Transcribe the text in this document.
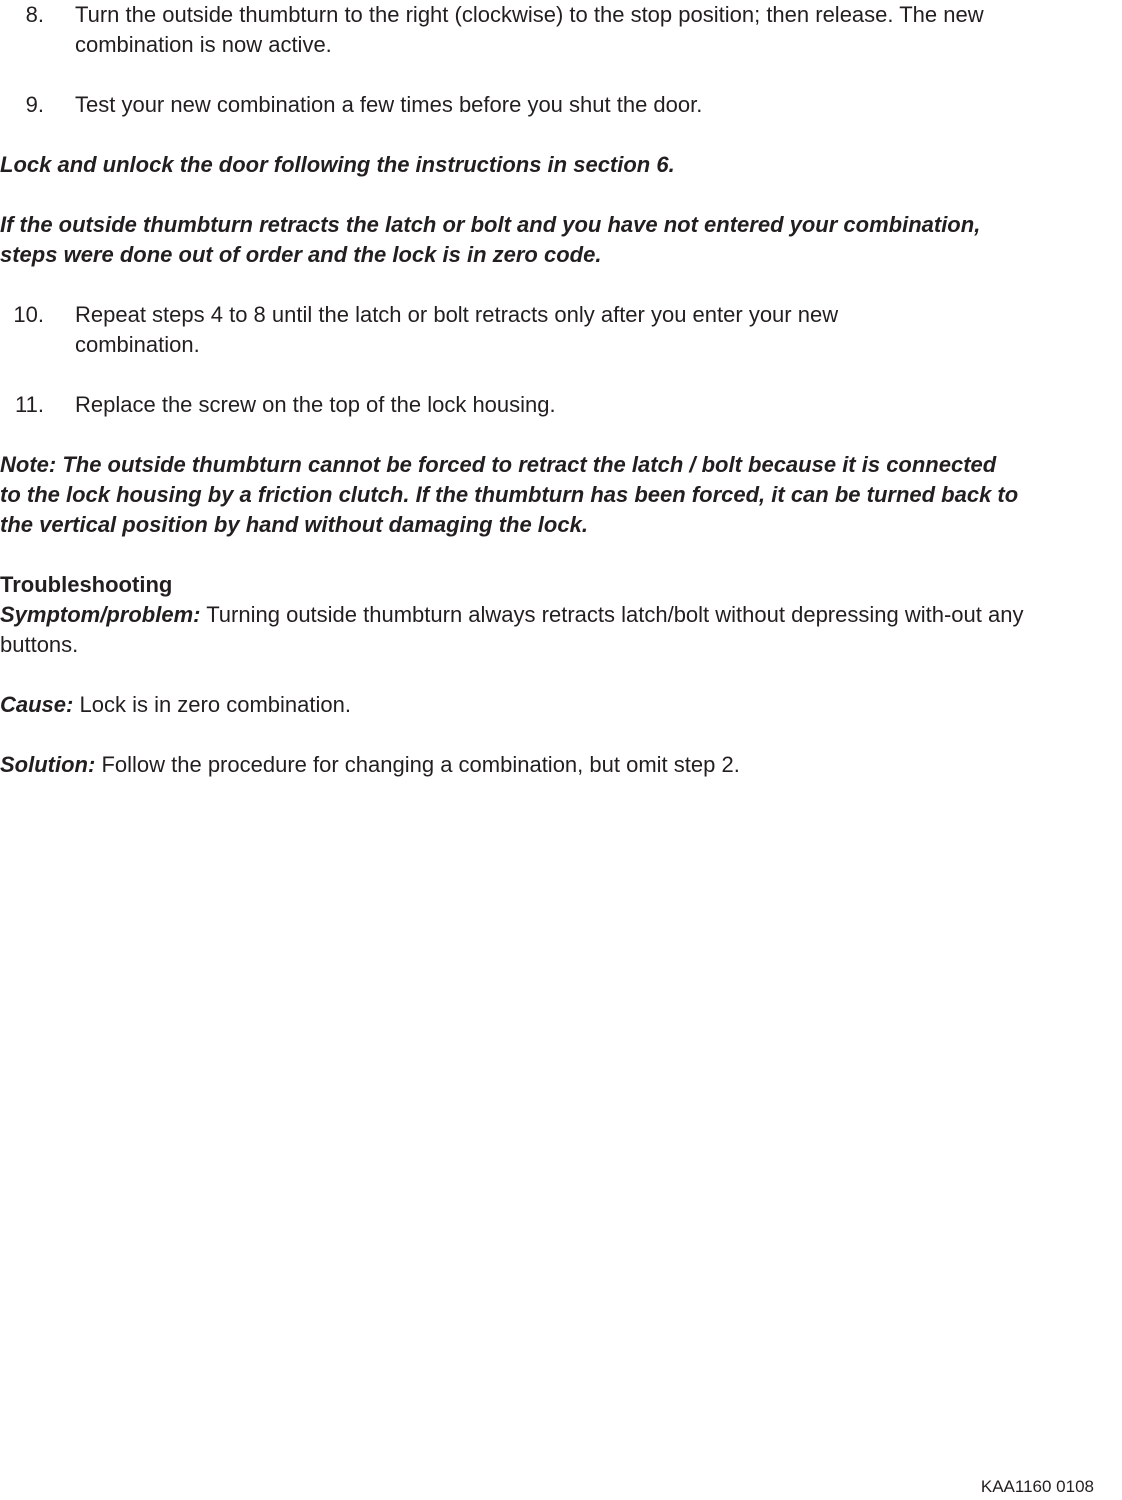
8. Turn the outside thumbturn to the right (clockwise) to the stop position; then release. The new combination is now active.
9. Test your new combination a few times before you shut the door.
Lock and unlock the door following the instructions in section 6.
If the outside thumbturn retracts the latch or bolt and you have not entered your combination, steps were done out of order and the lock is in zero code.
10. Repeat steps 4 to 8 until the latch or bolt retracts only after you enter your new combination.
11. Replace the screw on the top of the lock housing.
Note: The outside thumbturn cannot be forced to retract the latch / bolt because it is connected to the lock housing by a friction clutch. If the thumbturn has been forced, it can be turned back to the vertical position by hand without damaging the lock.
Troubleshooting
Symptom/problem: Turning outside thumbturn always retracts latch/bolt without depressing with-out any buttons.
Cause: Lock is in zero combination.
Solution: Follow the procedure for changing a combination, but omit step 2.
KAA1160 0108
